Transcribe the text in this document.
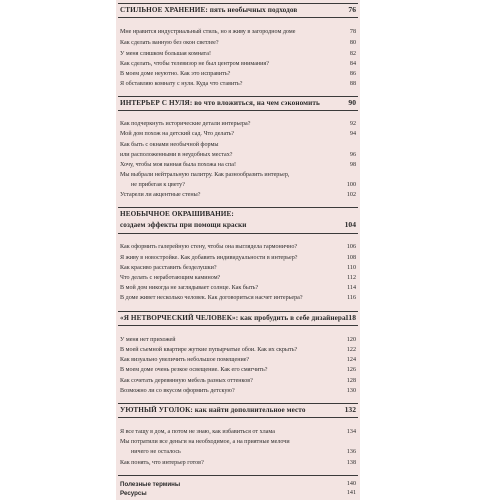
СТИЛЬНОЕ ХРАНЕНИЕ: пять необычных подходов	76
Мне нравится индустриальный стиль, но я живу в загородном доме	78
Как сделать ванную без окон светлее?	80
У меня слишком большая комната!	82
Как сделать, чтобы телевизор не был центром внимания?	84
В моем доме неуютно. Как это исправить?	86
Я обставляю комнату с нуля. Куда что ставить?	88
ИНТЕРЬЕР С НУЛЯ: во что вложиться, на чем сэкономить	90
Как подчеркнуть исторические детали интерьера?	92
Мой дом похож на детский сад. Что делать?	94
Как быть с окнами необычной формы
или расположенными в неудобных местах?	96
Хочу, чтобы моя ванная была похожа на спа!	98
Мы выбрали нейтральную палитру. Как разнообразить интерьер,
не прибегая к цвету?	100
Устарели ли акцентные стены?	102
НЕОБЫЧНОЕ ОКРАШИВАНИЕ:
создаем эффекты при помощи краски	104
Как оформить галерейную стену, чтобы она выглядела гармонично?	106
Я живу в новостройке. Как добавить индивидуальности в интерьер?	108
Как красиво расставить безделушки?	110
Что делать с неработающим камином?	112
В мой дом никогда не заглядывает солнце. Как быть?	114
В доме живет несколько человек. Как договориться насчет интерьера?	116
«Я НЕТВОРЧЕСКИЙ ЧЕЛОВЕК»: как пробудить в себе дизайнера 118
У меня нет прихожей	120
В моей съемной квартире жуткие пупырчатые обои. Как их скрыть?	122
Как визуально увеличить небольшое помещение?	124
В моем доме очень резкое освещение. Как его смягчить?	126
Как сочетать деревянную мебель разных оттенков?	128
Возможно ли со вкусом оформить детскую?	130
УЮТНЫЙ УГОЛОК: как найти дополнительное место	132
Я все тащу в дом, а потом не знаю, как избавиться от хлама	134
Мы потратили все деньги на необходимое, а на приятные мелочи
ничего не осталось	136
Как понять, что интерьер готов?	138
Полезные термины	140
Ресурсы	141
